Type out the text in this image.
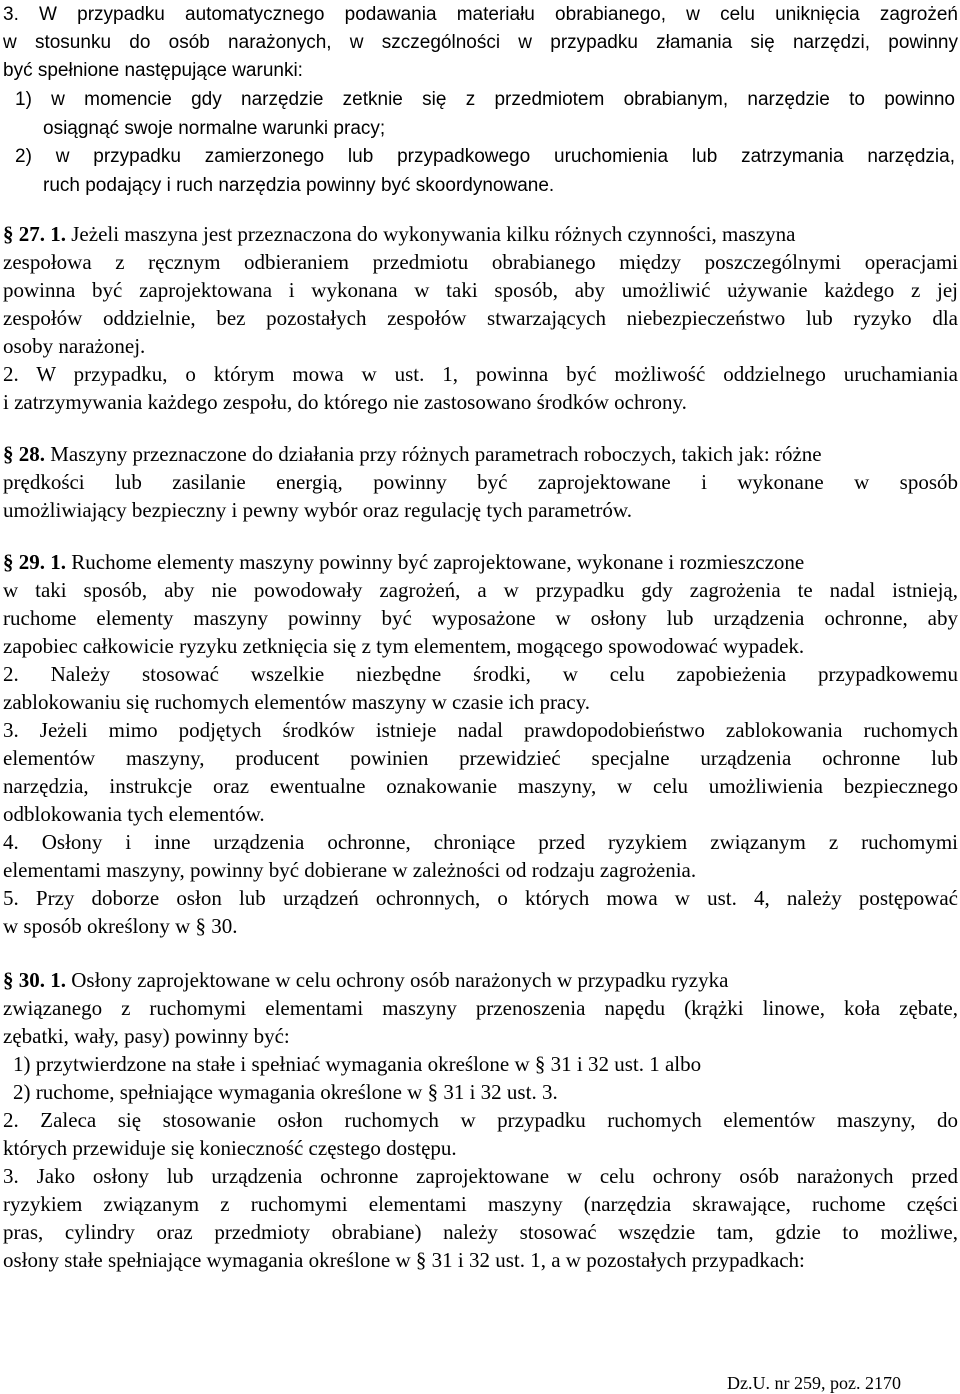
3. W przypadku automatycznego podawania materiału obrabianego, w celu uniknięcia zagrożeń
w stosunku do osób narażonych, w szczególności w przypadku złamania się narzędzi, powinny
być spełnione następujące warunki:
1) w momencie gdy narzędzie zetknie się z przedmiotem obrabianym, narzędzie to powinno
osiągnąć swoje normalne warunki pracy;
2) w przypadku zamierzonego lub przypadkowego uruchomienia lub zatrzymania narzędzia,
ruch podający i ruch narzędzia powinny być skoordynowane.
§ 27. 1. Jeżeli maszyna jest przeznaczona do wykonywania kilku różnych czynności, maszyna
zespołowa z ręcznym odbieraniem przedmiotu obrabianego między poszczególnymi operacjami
powinna być zaprojektowana i wykonana w taki sposób, aby umożliwić używanie każdego z jej
zespołów oddzielnie, bez pozostałych zespołów stwarzających niebezpieczeństwo lub ryzyko dla
osoby narażonej.
2. W przypadku, o którym mowa w ust. 1, powinna być możliwość oddzielnego uruchamiania
i zatrzymywania każdego zespołu, do którego nie zastosowano środków ochrony.
§ 28. Maszyny przeznaczone do działania przy różnych parametrach roboczych, takich jak: różne
prędkości lub zasilanie energią, powinny być zaprojektowane i wykonane w sposób
umożliwiający bezpieczny i pewny wybór oraz regulację tych parametrów.
§ 29. 1. Ruchome elementy maszyny powinny być zaprojektowane, wykonane i rozmieszczone
w taki sposób, aby nie powodowały zagrożeń, a w przypadku gdy zagrożenia te nadal istnieją,
ruchome elementy maszyny powinny być wyposażone w osłony lub urządzenia ochronne, aby
zapobiec całkowicie ryzyku zetknięcia się z tym elementem, mogącego spowodować wypadek.
2. Należy stosować wszelkie niezbędne środki, w celu zapobieżenia przypadkowemu
zablokowaniu się ruchomych elementów maszyny w czasie ich pracy.
3. Jeżeli mimo podjętych środków istnieje nadal prawdopodobieństwo zablokowania ruchomych
elementów maszyny, producent powinien przewidzieć specjalne urządzenia ochronne lub
narzędzia, instrukcje oraz ewentualne oznakowanie maszyny, w celu umożliwienia bezpiecznego
odblokowania tych elementów.
4. Osłony i inne urządzenia ochronne, chroniące przed ryzykiem związanym z ruchomymi
elementami maszyny, powinny być dobierane w zależności od rodzaju zagrożenia.
5. Przy doborze osłon lub urządzeń ochronnych, o których mowa w ust. 4, należy postępować
w sposób określony w § 30.
§ 30. 1. Osłony zaprojektowane w celu ochrony osób narażonych w przypadku ryzyka
związanego z ruchomymi elementami maszyny przenoszenia napędu (krążki linowe, koła zębate,
zębatki, wały, pasy) powinny być:
1) przytwierdzone na stałe i spełniać wymagania określone w § 31 i 32 ust. 1 albo
2) ruchome, spełniające wymagania określone w § 31 i 32 ust. 3.
2. Zaleca się stosowanie osłon ruchomych w przypadku ruchomych elementów maszyny, do
których przewiduje się konieczność częstego dostępu.
3. Jako osłony lub urządzenia ochronne zaprojektowane w celu ochrony osób narażonych przed
ryzykiem związanym z ruchomymi elementami maszyny (narzędzia skrawające, ruchome części
pras, cylindry oraz przedmioty obrabiane) należy stosować wszędzie tam, gdzie to możliwe,
osłony stałe spełniające wymagania określone w § 31 i 32 ust. 1, a w pozostałych przypadkach:
Dz.U. nr 259, poz. 2170
